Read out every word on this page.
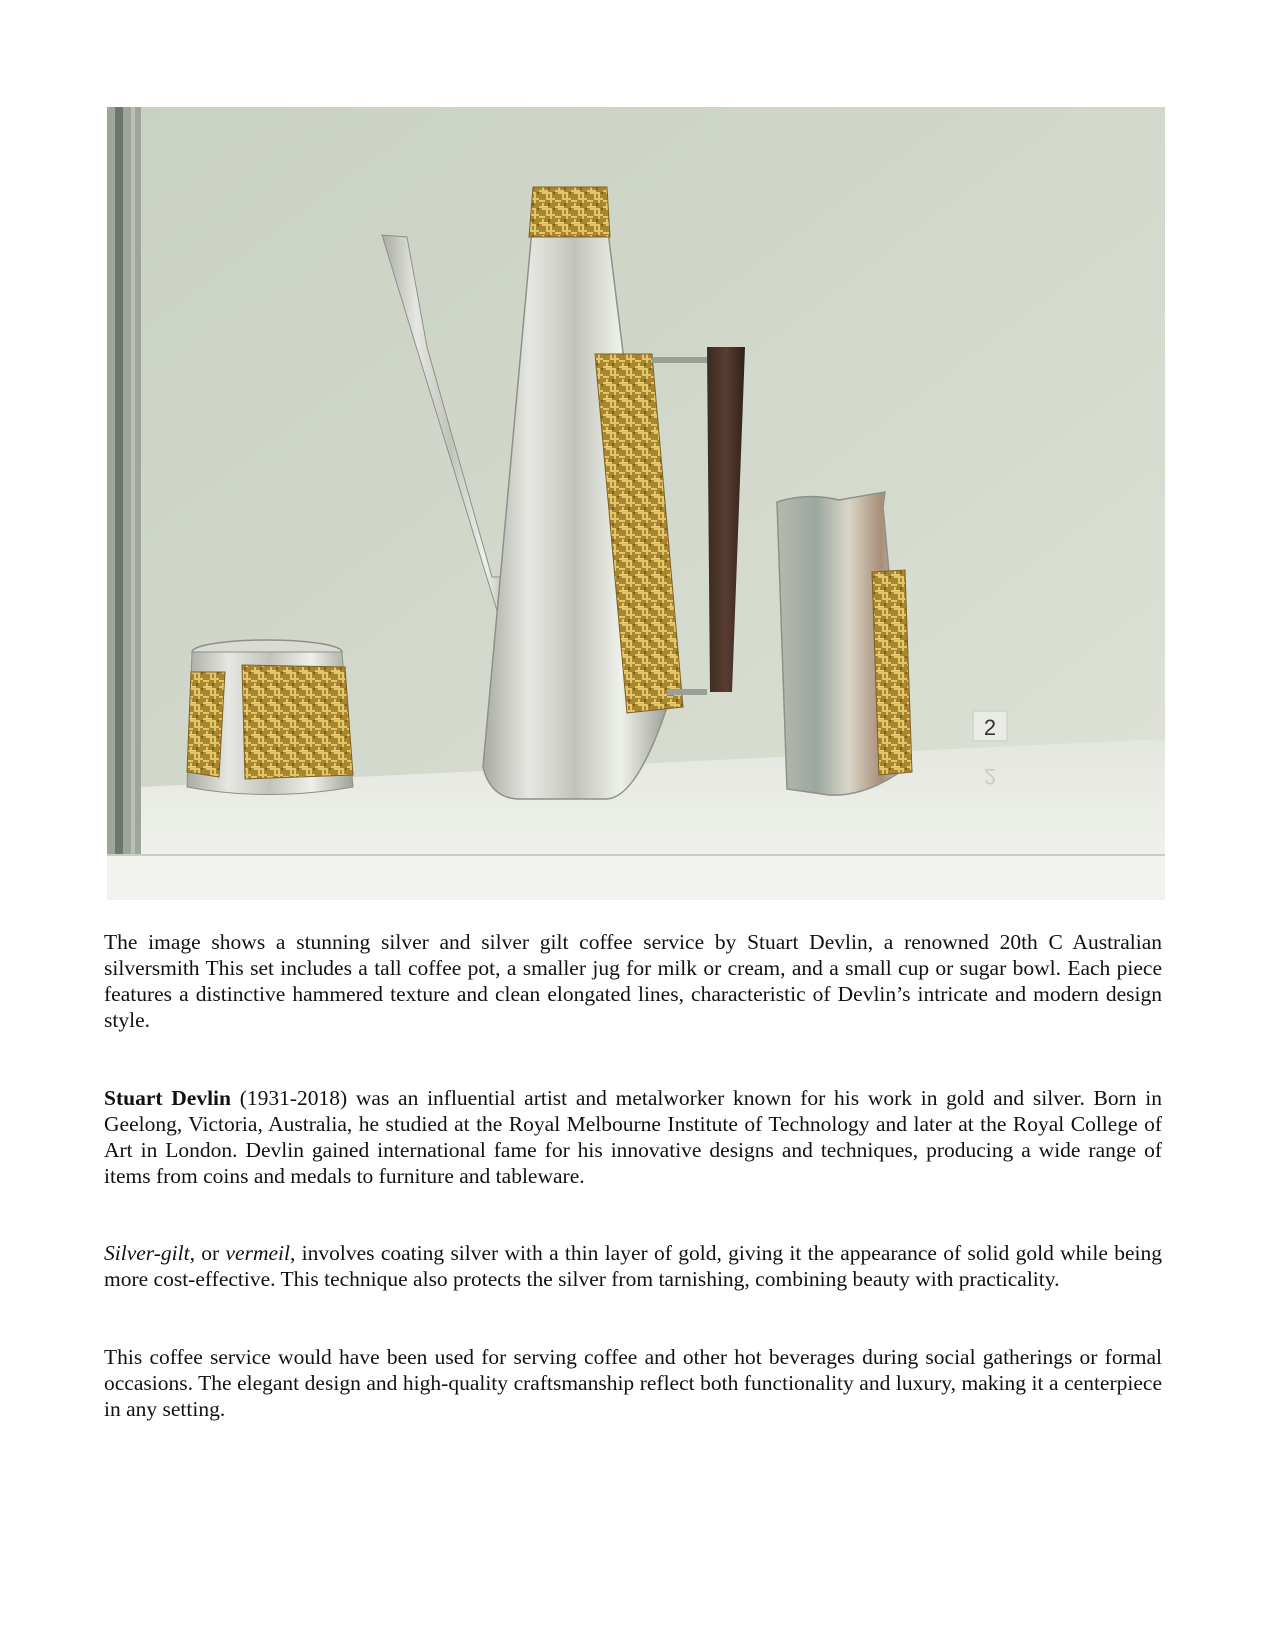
2
2

The image shows a stunning silver and silver gilt coffee service by Stuart Devlin, a renowned 20th C Australian silversmith This set includes a tall coffee pot, a smaller jug for milk or cream, and a small cup or sugar bowl. Each piece features a distinctive hammered texture and clean elongated lines, characteristic of Devlin’s intricate and modern design style.

Stuart Devlin (1931-2018) was an influential artist and metalworker known for his work in gold and silver. Born in Geelong, Victoria, Australia, he studied at the Royal Melbourne Institute of Technology and later at the Royal College of Art in London. Devlin gained international fame for his innovative designs and techniques, producing a wide range of items from coins and medals to furniture and tableware.

Silver-gilt, or vermeil, involves coating silver with a thin layer of gold, giving it the appearance of solid gold while being more cost-effective. This technique also protects the silver from tarnishing, combining beauty with practicality.

This coffee service would have been used for serving coffee and other hot beverages during social gatherings or formal occasions. The elegant design and high-quality craftsmanship reflect both functionality and luxury, making it a centerpiece in any setting.
